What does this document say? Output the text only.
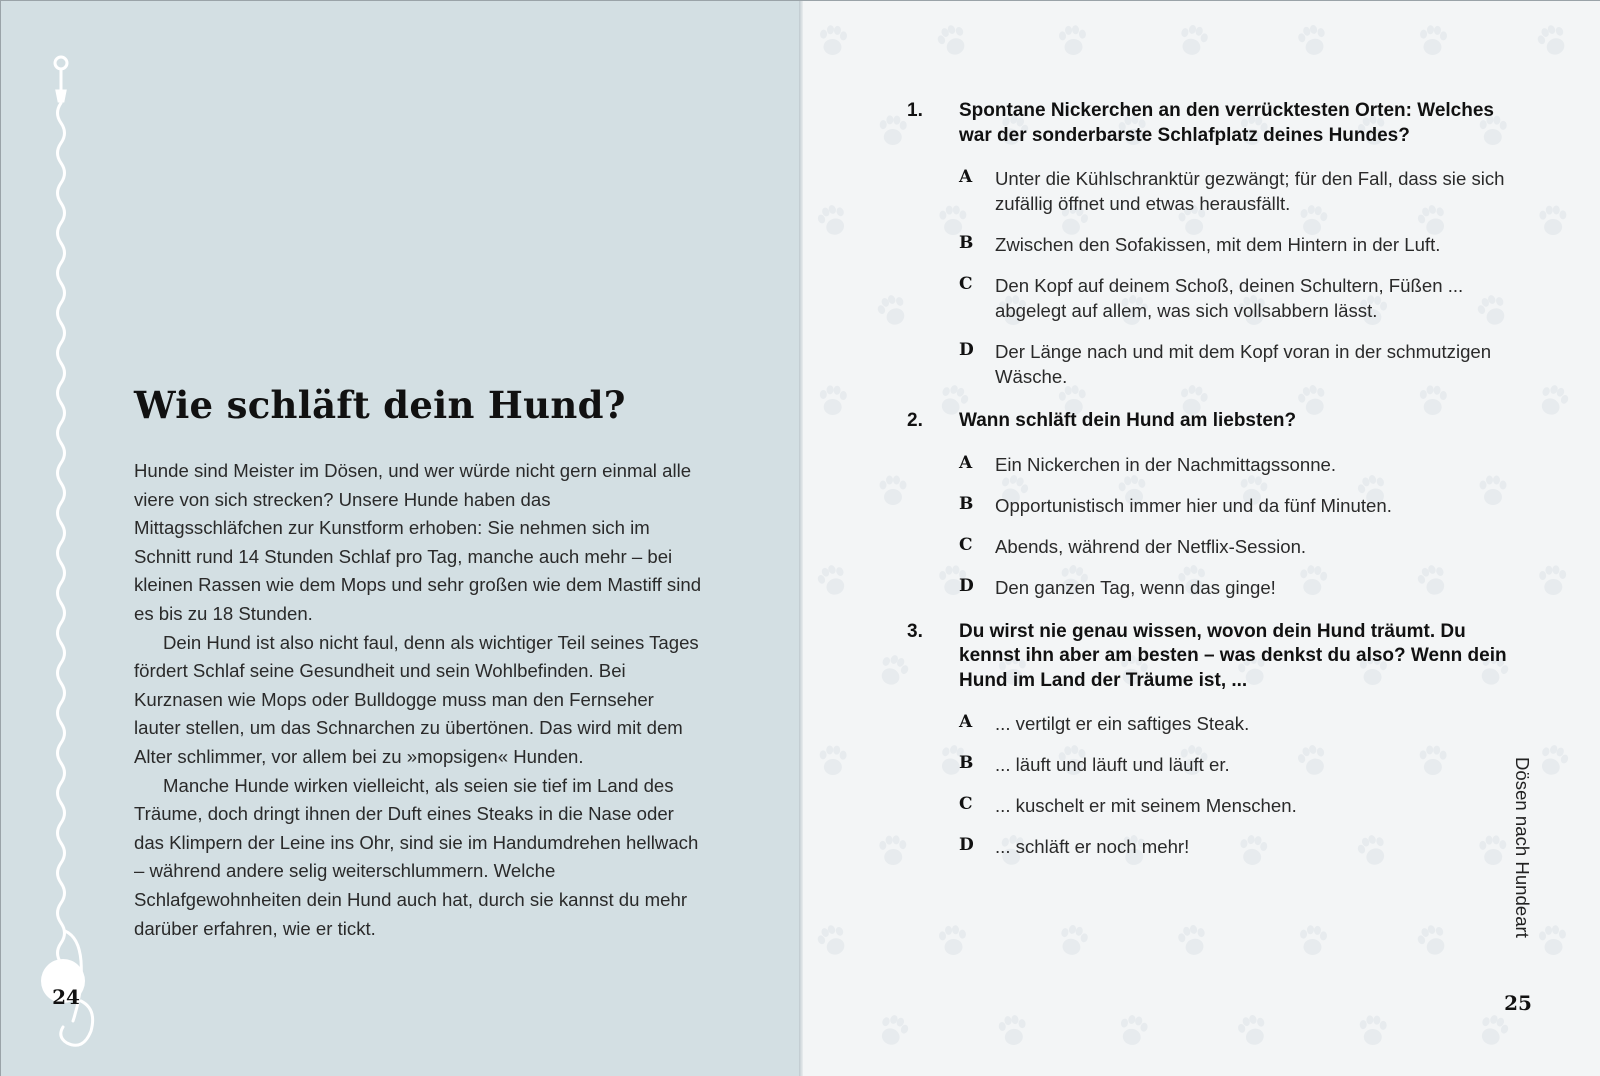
Wie schläft dein Hund?

Hunde sind Meister im Dösen, und wer würde nicht gern einmal alle viere von sich strecken? Unsere Hunde haben das Mittagsschläfchen zur Kunstform erhoben: Sie nehmen sich im Schnitt rund 14 Stunden Schlaf pro Tag, manche auch mehr – bei kleinen Rassen wie dem Mops und sehr großen wie dem Mastiff sind es bis zu 18 Stunden.

Dein Hund ist also nicht faul, denn als wichtiger Teil seines Tages fördert Schlaf seine Gesundheit und sein Wohlbefinden. Bei Kurznasen wie Mops oder Bulldogge muss man den Fernseher lauter stellen, um das Schnarchen zu übertönen. Das wird mit dem Alter schlimmer, vor allem bei zu »mopsigen« Hunden.

Manche Hunde wirken vielleicht, als seien sie tief im Land des Träume, doch dringt ihnen der Duft eines Steaks in die Nase oder das Klimpern der Leine ins Ohr, sind sie im Handumdrehen hellwach – während andere selig weiterschlummern. Welche Schlafgewohnheiten dein Hund auch hat, durch sie kannst du mehr darüber erfahren, wie er tickt.

24
1. Spontane Nickerchen an den verrücktesten Orten: Welches war der sonderbarste Schlafplatz deines Hundes?
A Unter die Kühlschranktür gezwängt; für den Fall, dass sie sich zufällig öffnet und etwas herausfällt.
B Zwischen den Sofakissen, mit dem Hintern in der Luft.
C Den Kopf auf deinem Schoß, deinen Schultern, Füßen ... abgelegt auf allem, was sich vollsabbern lässt.
D Der Länge nach und mit dem Kopf voran in der schmutzigen Wäsche.
2. Wann schläft dein Hund am liebsten?
A Ein Nickerchen in der Nachmittagssonne.
B Opportunistisch immer hier und da fünf Minuten.
C Abends, während der Netflix-Session.
D Den ganzen Tag, wenn das ginge!
3. Du wirst nie genau wissen, wovon dein Hund träumt. Du kennst ihn aber am besten – was denkst du also? Wenn dein Hund im Land der Träume ist, ...
A ... vertilgt er ein saftiges Steak.
B ... läuft und läuft und läuft er.
C ... kuschelt er mit seinem Menschen.
D ... schläft er noch mehr!	Dösen nach Hundeart
25
